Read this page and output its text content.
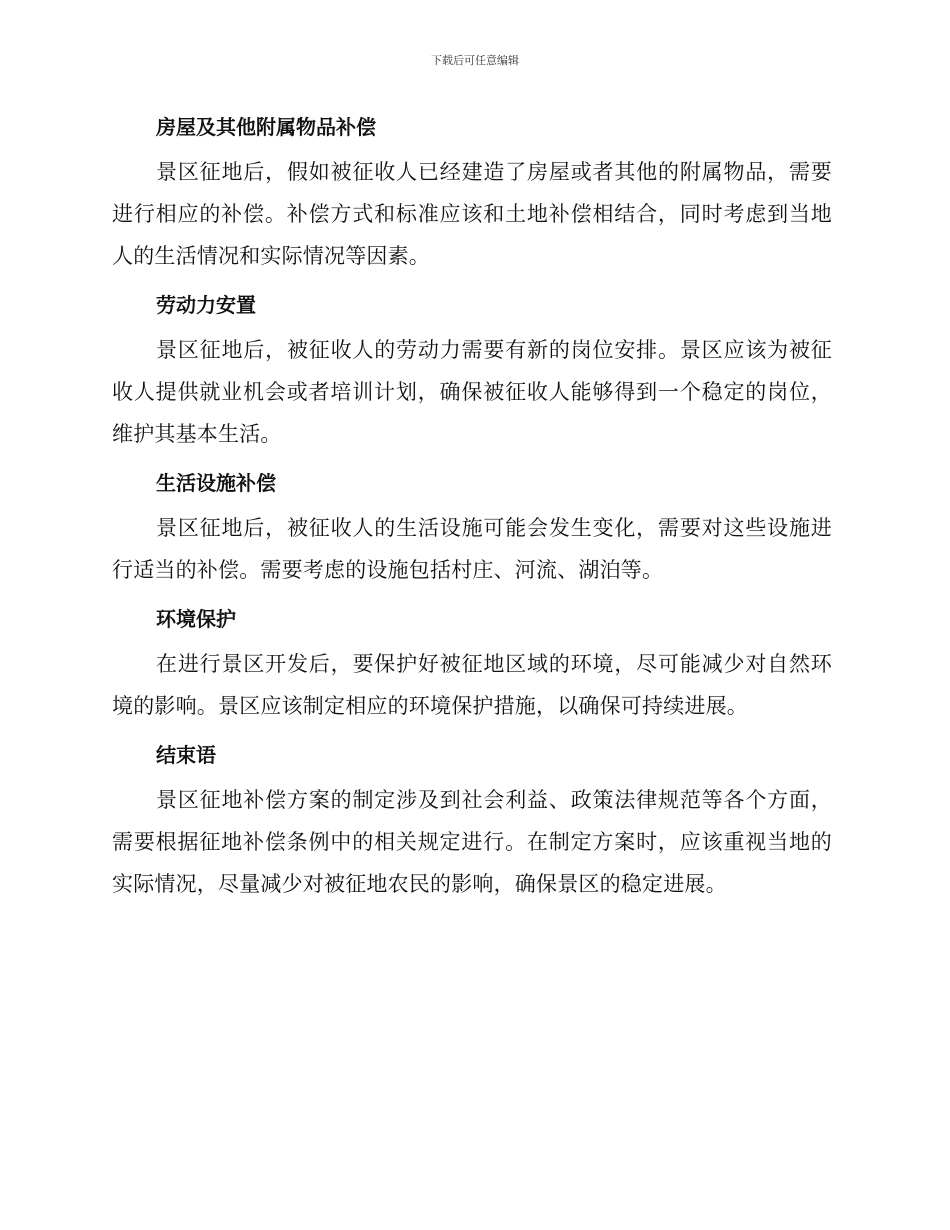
下载后可任意编辑
房屋及其他附属物品补偿

景区征地后，假如被征收人已经建造了房屋或者其他的附属物品，需要进行相应的补偿。补偿方式和标准应该和土地补偿相结合，同时考虑到当地人的生活情况和实际情况等因素。

劳动力安置

景区征地后，被征收人的劳动力需要有新的岗位安排。景区应该为被征收人提供就业机会或者培训计划，确保被征收人能够得到一个稳定的岗位，维护其基本生活。

生活设施补偿

景区征地后，被征收人的生活设施可能会发生变化，需要对这些设施进行适当的补偿。需要考虑的设施包括村庄、河流、湖泊等。

环境保护

在进行景区开发后，要保护好被征地区域的环境，尽可能减少对自然环境的影响。景区应该制定相应的环境保护措施，以确保可持续进展。

结束语

景区征地补偿方案的制定涉及到社会利益、政策法律规范等各个方面，需要根据征地补偿条例中的相关规定进行。在制定方案时，应该重视当地的实际情况，尽量减少对被征地农民的影响，确保景区的稳定进展。
